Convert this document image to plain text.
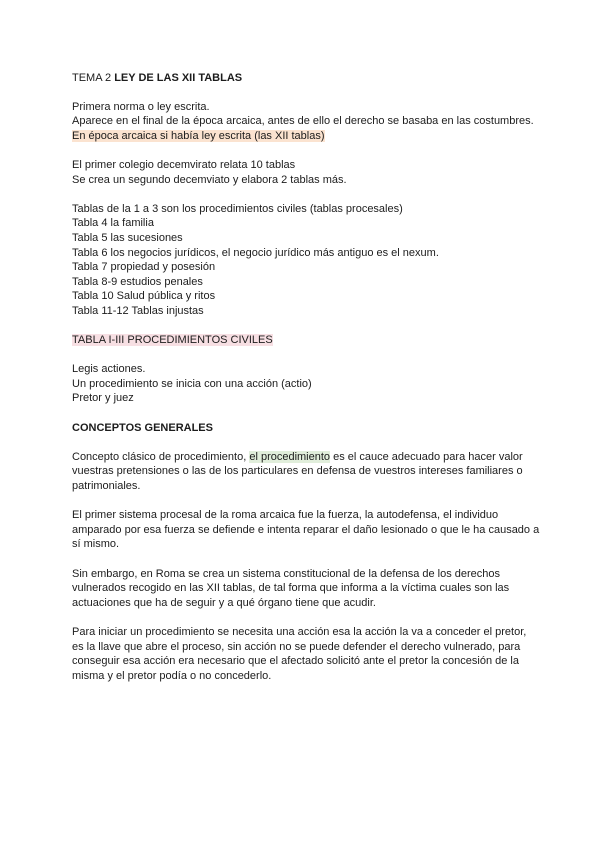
TEMA 2 LEY DE LAS XII TABLAS

Primera norma o ley escrita.

Aparece en el final de la época arcaica, antes de ello el derecho se basaba en las costumbres.

En época arcaica si había ley escrita (las XII tablas)

El primer colegio decemvirato relata 10 tablas

Se crea un segundo decemviato y elabora 2 tablas más.

Tablas de la 1 a 3 son los procedimientos civiles (tablas procesales)

Tabla 4 la familia

Tabla 5 las sucesiones

Tabla 6 los negocios jurídicos, el negocio jurídico más antiguo es el nexum.

Tabla 7 propiedad y posesión

Tabla 8-9 estudios penales

Tabla 10 Salud pública y ritos

Tabla 11-12 Tablas injustas

TABLA I-III PROCEDIMIENTOS CIVILES

Legis actiones.

Un procedimiento se inicia con una acción (actio)

Pretor y juez

CONCEPTOS GENERALES

Concepto clásico de procedimiento, el procedimiento es el cauce adecuado para hacer valor vuestras pretensiones o las de los particulares en defensa de vuestros intereses familiares o patrimoniales.

El primer sistema procesal de la roma arcaica fue la fuerza, la autodefensa, el individuo amparado por esa fuerza se defiende e intenta reparar el daño lesionado o que le ha causado a sí mismo.

Sin embargo, en Roma se crea un sistema constitucional de la defensa de los derechos vulnerados recogido en las XII tablas, de tal forma que informa a la víctima cuales son las actuaciones que ha de seguir y a qué órgano tiene que acudir.

Para iniciar un procedimiento se necesita una acción esa la acción la va a conceder el pretor, es la llave que abre el proceso, sin acción no se puede defender el derecho vulnerado, para conseguir esa acción era necesario que el afectado solicitó ante el pretor la concesión de la misma y el pretor podía o no concederlo.
